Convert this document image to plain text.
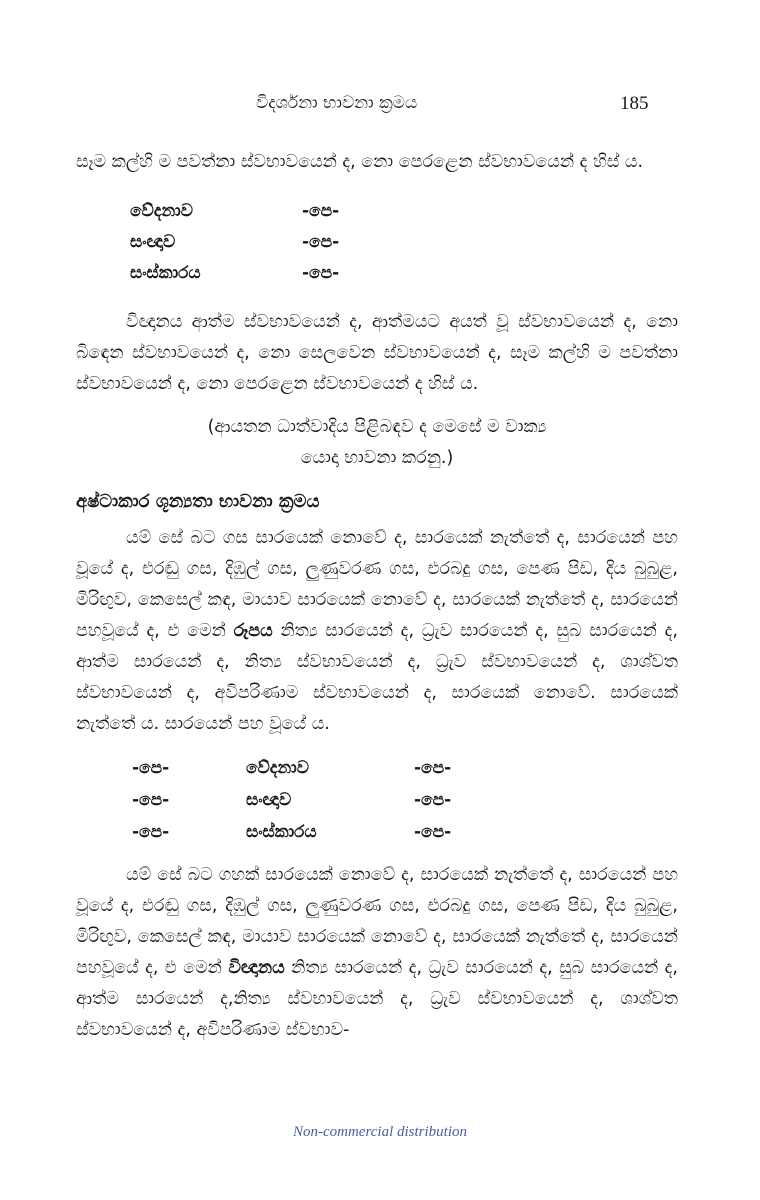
විදර්ශනා භාවනා ක්‍රමය	185

සෑම කල්හි ම පවත්නා ස්වභාවයෙන් ද, නො පෙරළෙන ස්වභාවයෙන් ද හිස් ය.

වේදනාව	-පෙ-
සංඥාව	-පෙ-
සංස්කාරය	-පෙ-

විඥානය ආත්ම ස්වභාවයෙන් ද, ආත්මයට අයත් වූ ස්වභාවයෙන් ද, නො බිඳෙන ස්වභාවයෙන් ද, නො සෙලවෙන ස්වභාවයෙන් ද, සෑම කල්හි ම පවත්නා ස්වභාවයෙන් ද, නො පෙරළෙන ස්වභාවයෙන් ද හිස් ය.

(ආයතන ධාත්වාදිය පිළිබඳව ද මෙසේ ම වාක්‍ය
යොදා භාවනා කරනු.)
අෂ්ටාකාර ශූන්‍යතා භාවනා ක්‍රමය

යම් සේ බට ගස සාරයෙක් නොවේ ද, සාරයෙක් නැත්තේ ද, සාරයෙන් පහ වූයේ ද, එරඬු ගස, දිඹුල් ගස, ලුණුවරණ ගස, එරබදු ගස, පෙණ පිඩ, දිය බුබුළ, මිරිඟුව, කෙසෙල් කඳ, මායාව සාරයෙක් නොවේ ද, සාරයෙක් නැත්තේ ද, සාරයෙන් පහවූයේ ද, එ මෙන් රූපය නිත්‍ය සාරයෙන් ද, ධ්‍රැව සාරයෙන් ද, සුබ සාරයෙන් ද, ආත්ම සාරයෙන් ද, නිත්‍ය ස්වභාවයෙන් ද, ධ්‍රැව ස්වභාවයෙන් ද, ශාශ්වත ස්වභාවයෙන් ද, අවිපරිණාම ස්වභාවයෙන් ද, සාරයෙක් නොවේ. සාරයෙක් නැත්තේ ය. සාරයෙන් පහ වූයේ ය.

-පෙ-	වේදනාව	-පෙ-
-පෙ-	සංඥාව	-පෙ-
-පෙ-	සංස්කාරය	-පෙ-

යම් සේ බට ගහක් සාරයෙක් නොවේ ද, සාරයෙක් නැත්තේ ද, සාරයෙන් පහ වූයේ ද, එරඬු ගස, දිඹුල් ගස, ලුණුවරණ ගස, එරබදු ගස, පෙණ පිඩ, දිය බුබුළ, මිරිඟුව, කෙසෙල් කඳ, මායාව සාරයෙක් නොවේ ද, සාරයෙක් නැත්තේ ද, සාරයෙන් පහවූයේ ද, එ මෙන් විඥානය නිත්‍ය සාරයෙන් ද, ධ්‍රැව සාරයෙන් ද, සුබ සාරයෙන් ද, ආත්ම සාරයෙන් ද,නිත්‍ය ස්වභාවයෙන් ද, ධ්‍රැව ස්වභාවයෙන් ද, ශාශ්වත ස්වභාවයෙන් ද, අවිපරිණාම ස්වභාව-

Non-commercial distribution
